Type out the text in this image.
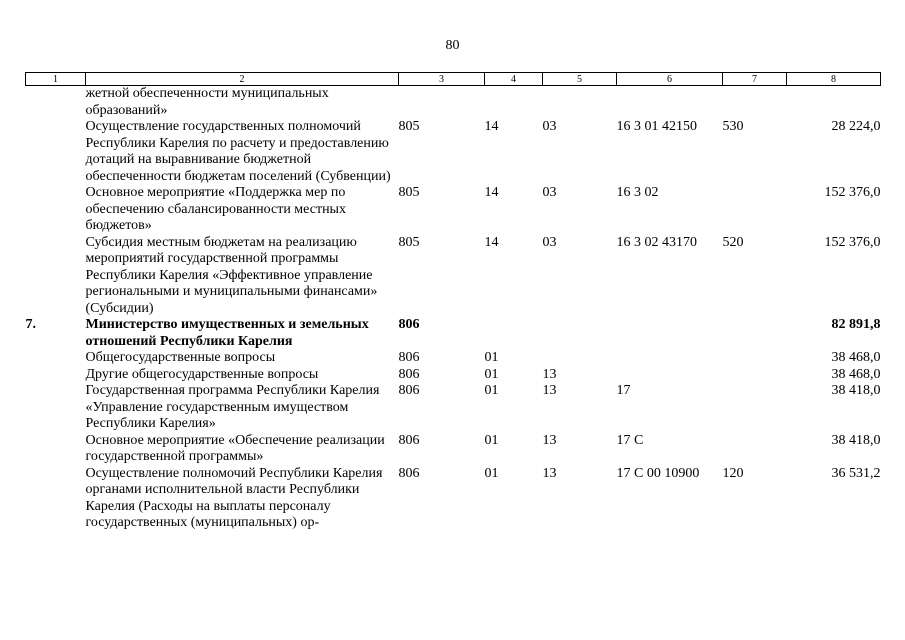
80
1	2	3	4	5	6	7	8
	жетной обеспеченности муниципальных образований»						
	Осуществление государственных полномочий Республики Карелия по расчету и предоставлению дотаций на выравнивание бюджетной обеспеченности бюджетам поселений (Субвенции)	805	14	03	16 3 01 42150	530	28 224,0
	Основное мероприятие «Поддержка мер по обеспечению сбалансированности местных бюджетов»	805	14	03	16 3 02		152 376,0
	Субсидия местным бюджетам на реализацию мероприятий государственной программы Республики Карелия «Эффективное управление региональными и муниципальными финансами» (Субсидии)	805	14	03	16 3 02 43170	520	152 376,0
7.	Министерство имущественных и земельных отношений Республики Карелия	806					82 891,8
	Общегосударственные вопросы	806	01				38 468,0
	Другие общегосударственные вопросы	806	01	13			38 468,0
	Государственная программа Республики Карелия «Управление государственным имуществом Республики Карелия»	806	01	13	17		38 418,0
	Основное мероприятие «Обеспечение реализации государственной программы»	806	01	13	17 С		38 418,0
	Осуществление полномочий Республики Карелия органами исполнительной власти Республики Карелия (Расходы на выплаты персоналу государственных (муниципальных) ор-	806	01	13	17 С 00 10900	120	36 531,2
